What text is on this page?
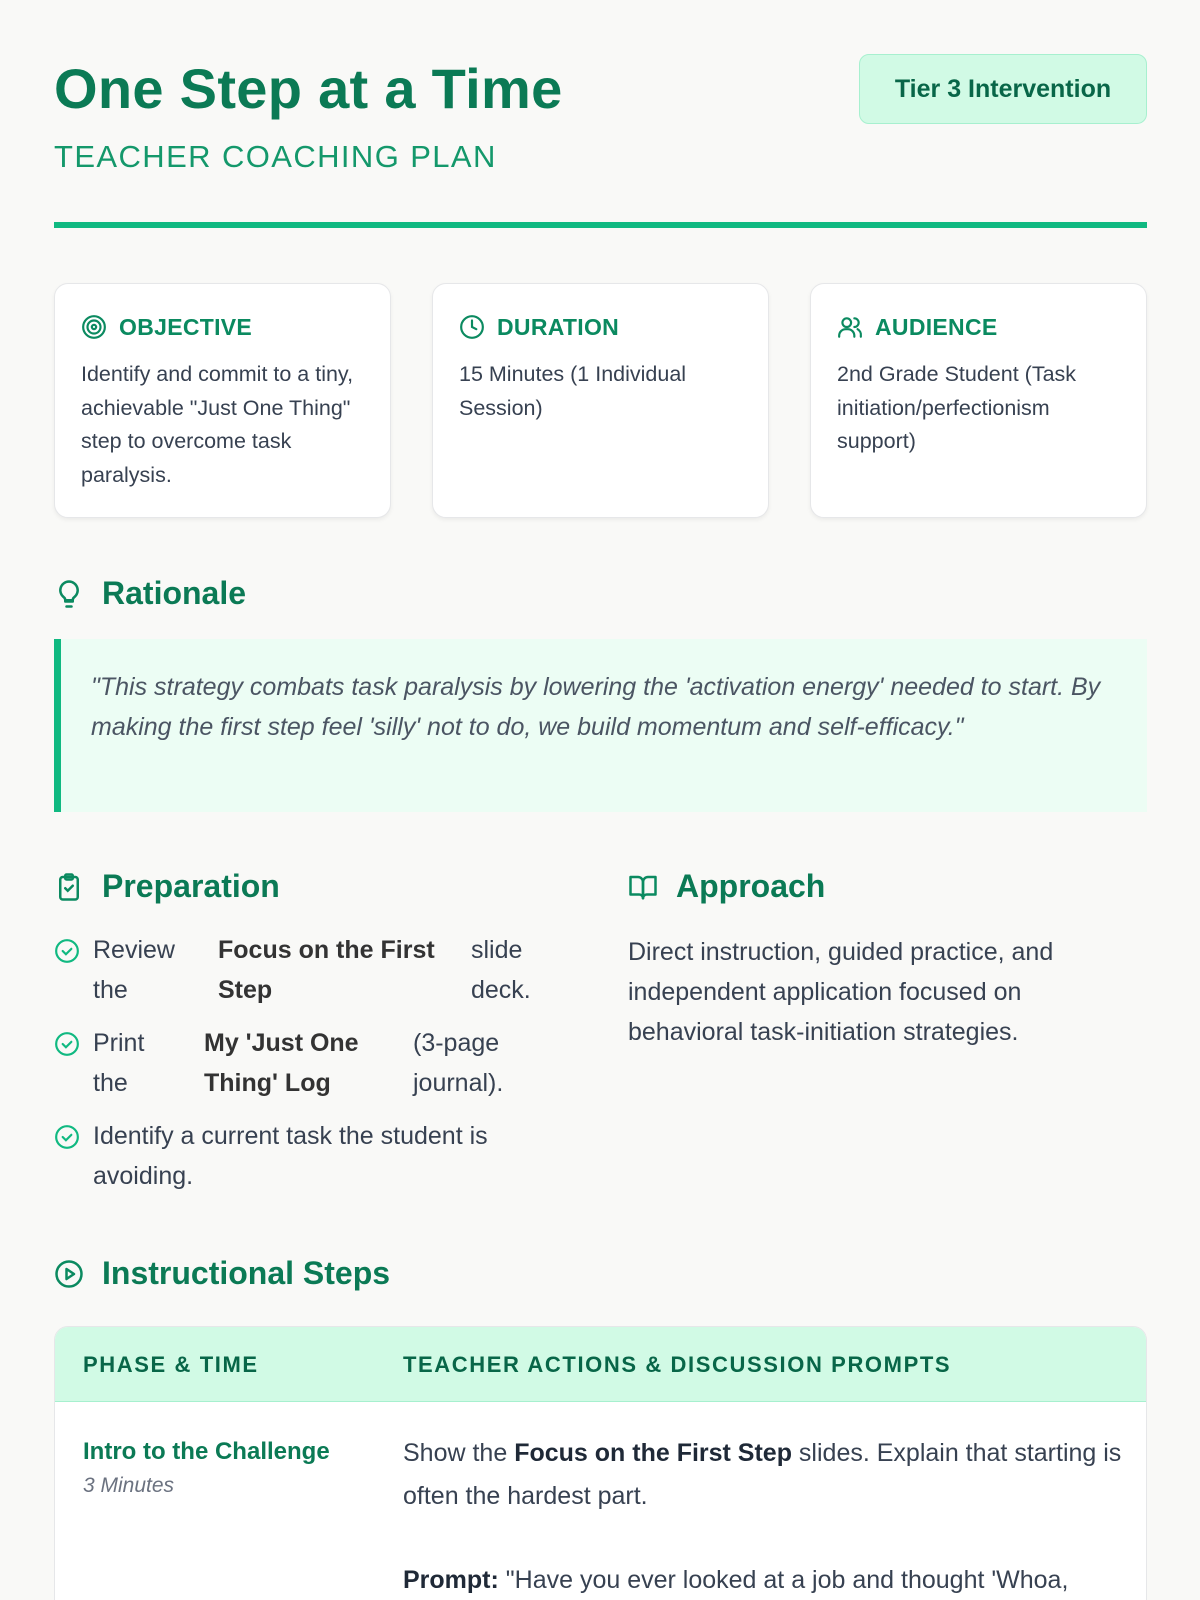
One Step at a Time
TEACHER COACHING PLAN
Tier 3 Intervention
OBJECTIVE
Identify and commit to a tiny, achievable "Just One Thing" step to overcome task paralysis.
DURATION
15 Minutes (1 Individual Session)
AUDIENCE
2nd Grade Student (Task initiation/perfectionism support)
Rationale
"This strategy combats task paralysis by lowering the 'activation energy' needed to start. By making the first step feel 'silly' not to do, we build momentum and self-efficacy."
Preparation
Review the
Focus on the First Step
slide deck.
Print the
My 'Just One Thing' Log
(3-page journal).
Identify a current task the student is avoiding.
Approach
Direct instruction, guided practice, and independent application focused on behavioral task-initiation strategies.
Instructional Steps
PHASE & TIME	TEACHER ACTIONS & DISCUSSION PROMPTS
Intro to the Challenge
3 Minutes

Show the Focus on the First Step slides. Explain that starting is often the hardest part.

Prompt: "Have you ever looked at a job and thought 'Whoa,
